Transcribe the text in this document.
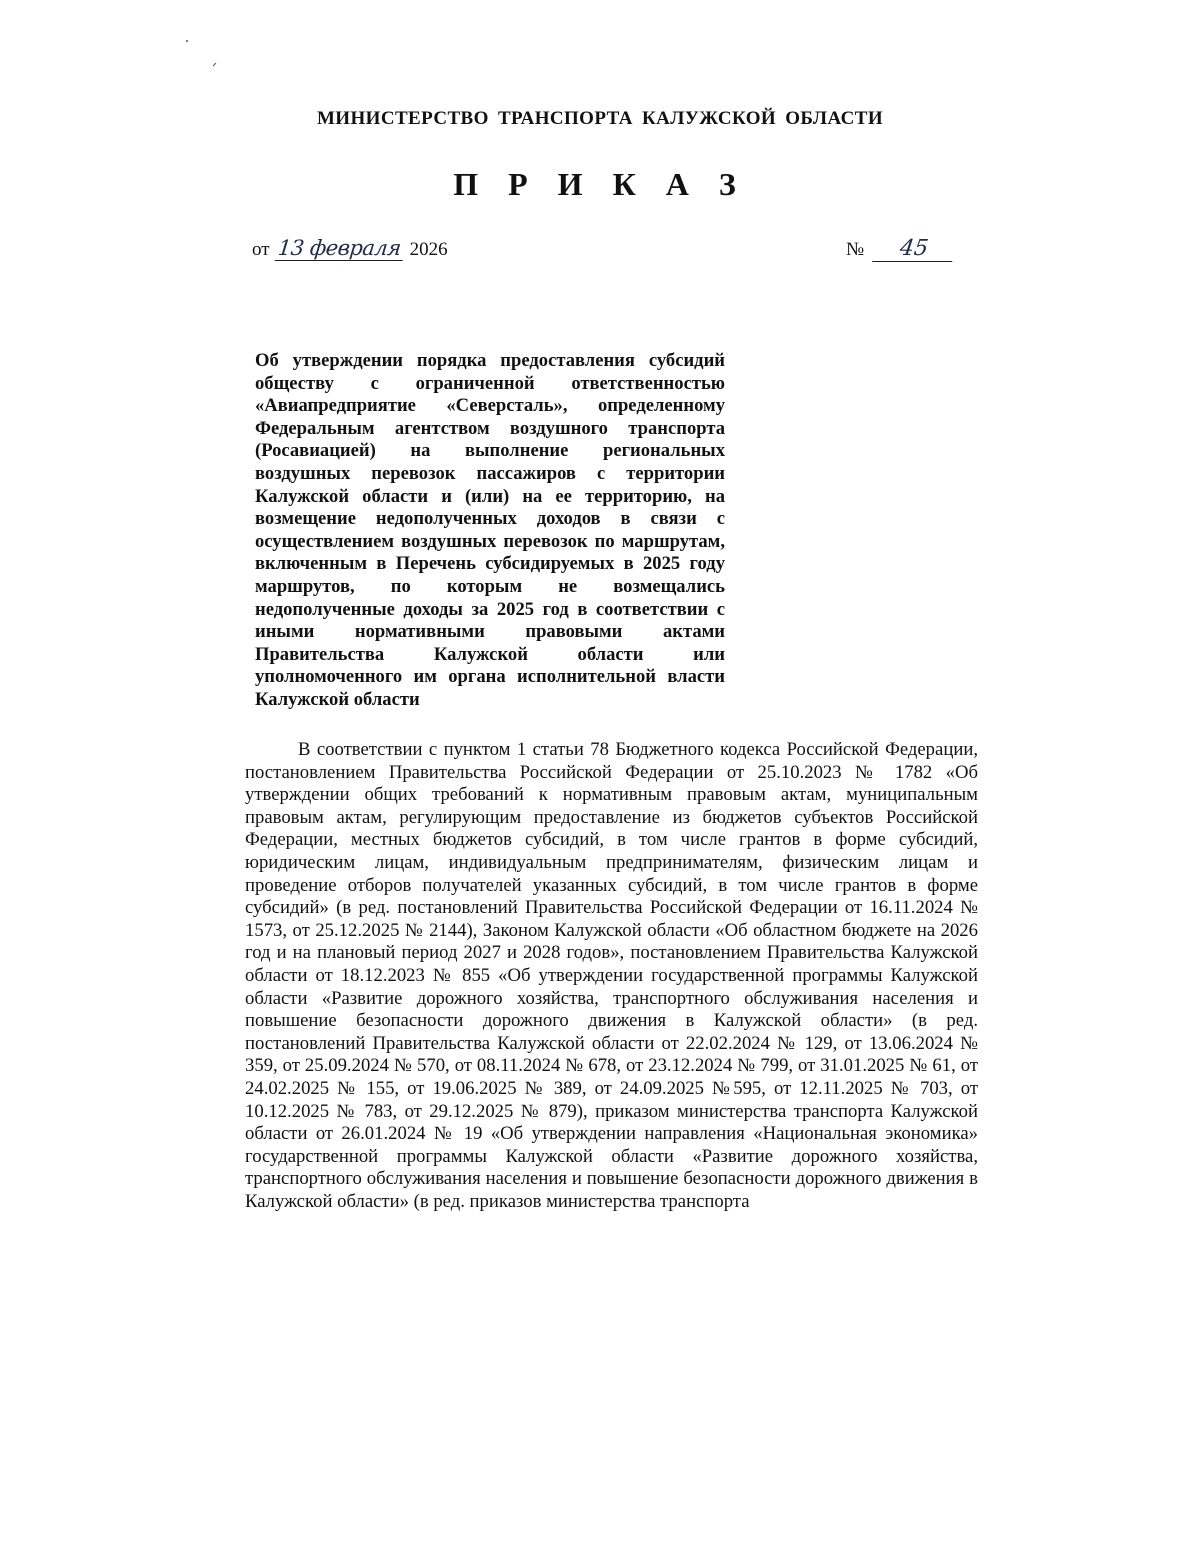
МИНИСТЕРСТВО ТРАНСПОРТА КАЛУЖСКОЙ ОБЛАСТИ
П Р И К А З
от 13 февраля 2026	№	45
Об утверждении порядка предоставления субсидий обществу с ограниченной ответственностью «Авиапредприятие «Северсталь», определенному Федеральным агентством воздушного транспорта (Росавиацией) на выполнение региональных воздушных перевозок пассажиров с территории Калужской области и (или) на ее территорию, на возмещение недополученных доходов в связи с осуществлением воздушных перевозок по маршрутам, включенным в Перечень субсидируемых в 2025 году маршрутов, по которым не возмещались недополученные доходы за 2025 год в соответствии с иными нормативными правовыми актами Правительства Калужской области или уполномоченного им органа исполнительной власти Калужской области

В соответствии с пунктом 1 статьи 78 Бюджетного кодекса Российской Федерации, постановлением Правительства Российской Федерации от 25.10.2023 № 1782 «Об утверждении общих требований к нормативным правовым актам, муниципальным правовым актам, регулирующим предоставление из бюджетов субъектов Российской Федерации, местных бюджетов субсидий, в том числе грантов в форме субсидий, юридическим лицам, индивидуальным предпринимателям, физическим лицам и проведение отборов получателей указанных субсидий, в том числе грантов в форме субсидий» (в ред. постановлений Правительства Российской Федерации от 16.11.2024 № 1573, от 25.12.2025 № 2144), Законом Калужской области «Об областном бюджете на 2026 год и на плановый период 2027 и 2028 годов», постановлением Правительства Калужской области от 18.12.2023 № 855 «Об утверждении государственной программы Калужской области «Развитие дорожного хозяйства, транспортного обслуживания населения и повышение безопасности дорожного движения в Калужской области» (в ред. постановлений Правительства Калужской области от 22.02.2024 № 129, от 13.06.2024 № 359, от 25.09.2024 № 570, от 08.11.2024 № 678, от 23.12.2024 № 799, от 31.01.2025 № 61, от 24.02.2025 № 155, от 19.06.2025 № 389, от 24.09.2025 №595, от 12.11.2025 № 703, от 10.12.2025 № 783, от 29.12.2025 № 879), приказом министерства транспорта Калужской области от 26.01.2024 № 19 «Об утверждении направления «Национальная экономика» государственной программы Калужской области «Развитие дорожного хозяйства, транспортного обслуживания населения и повышение безопасности дорожного движения в Калужской области» (в ред. приказов министерства транспорта
